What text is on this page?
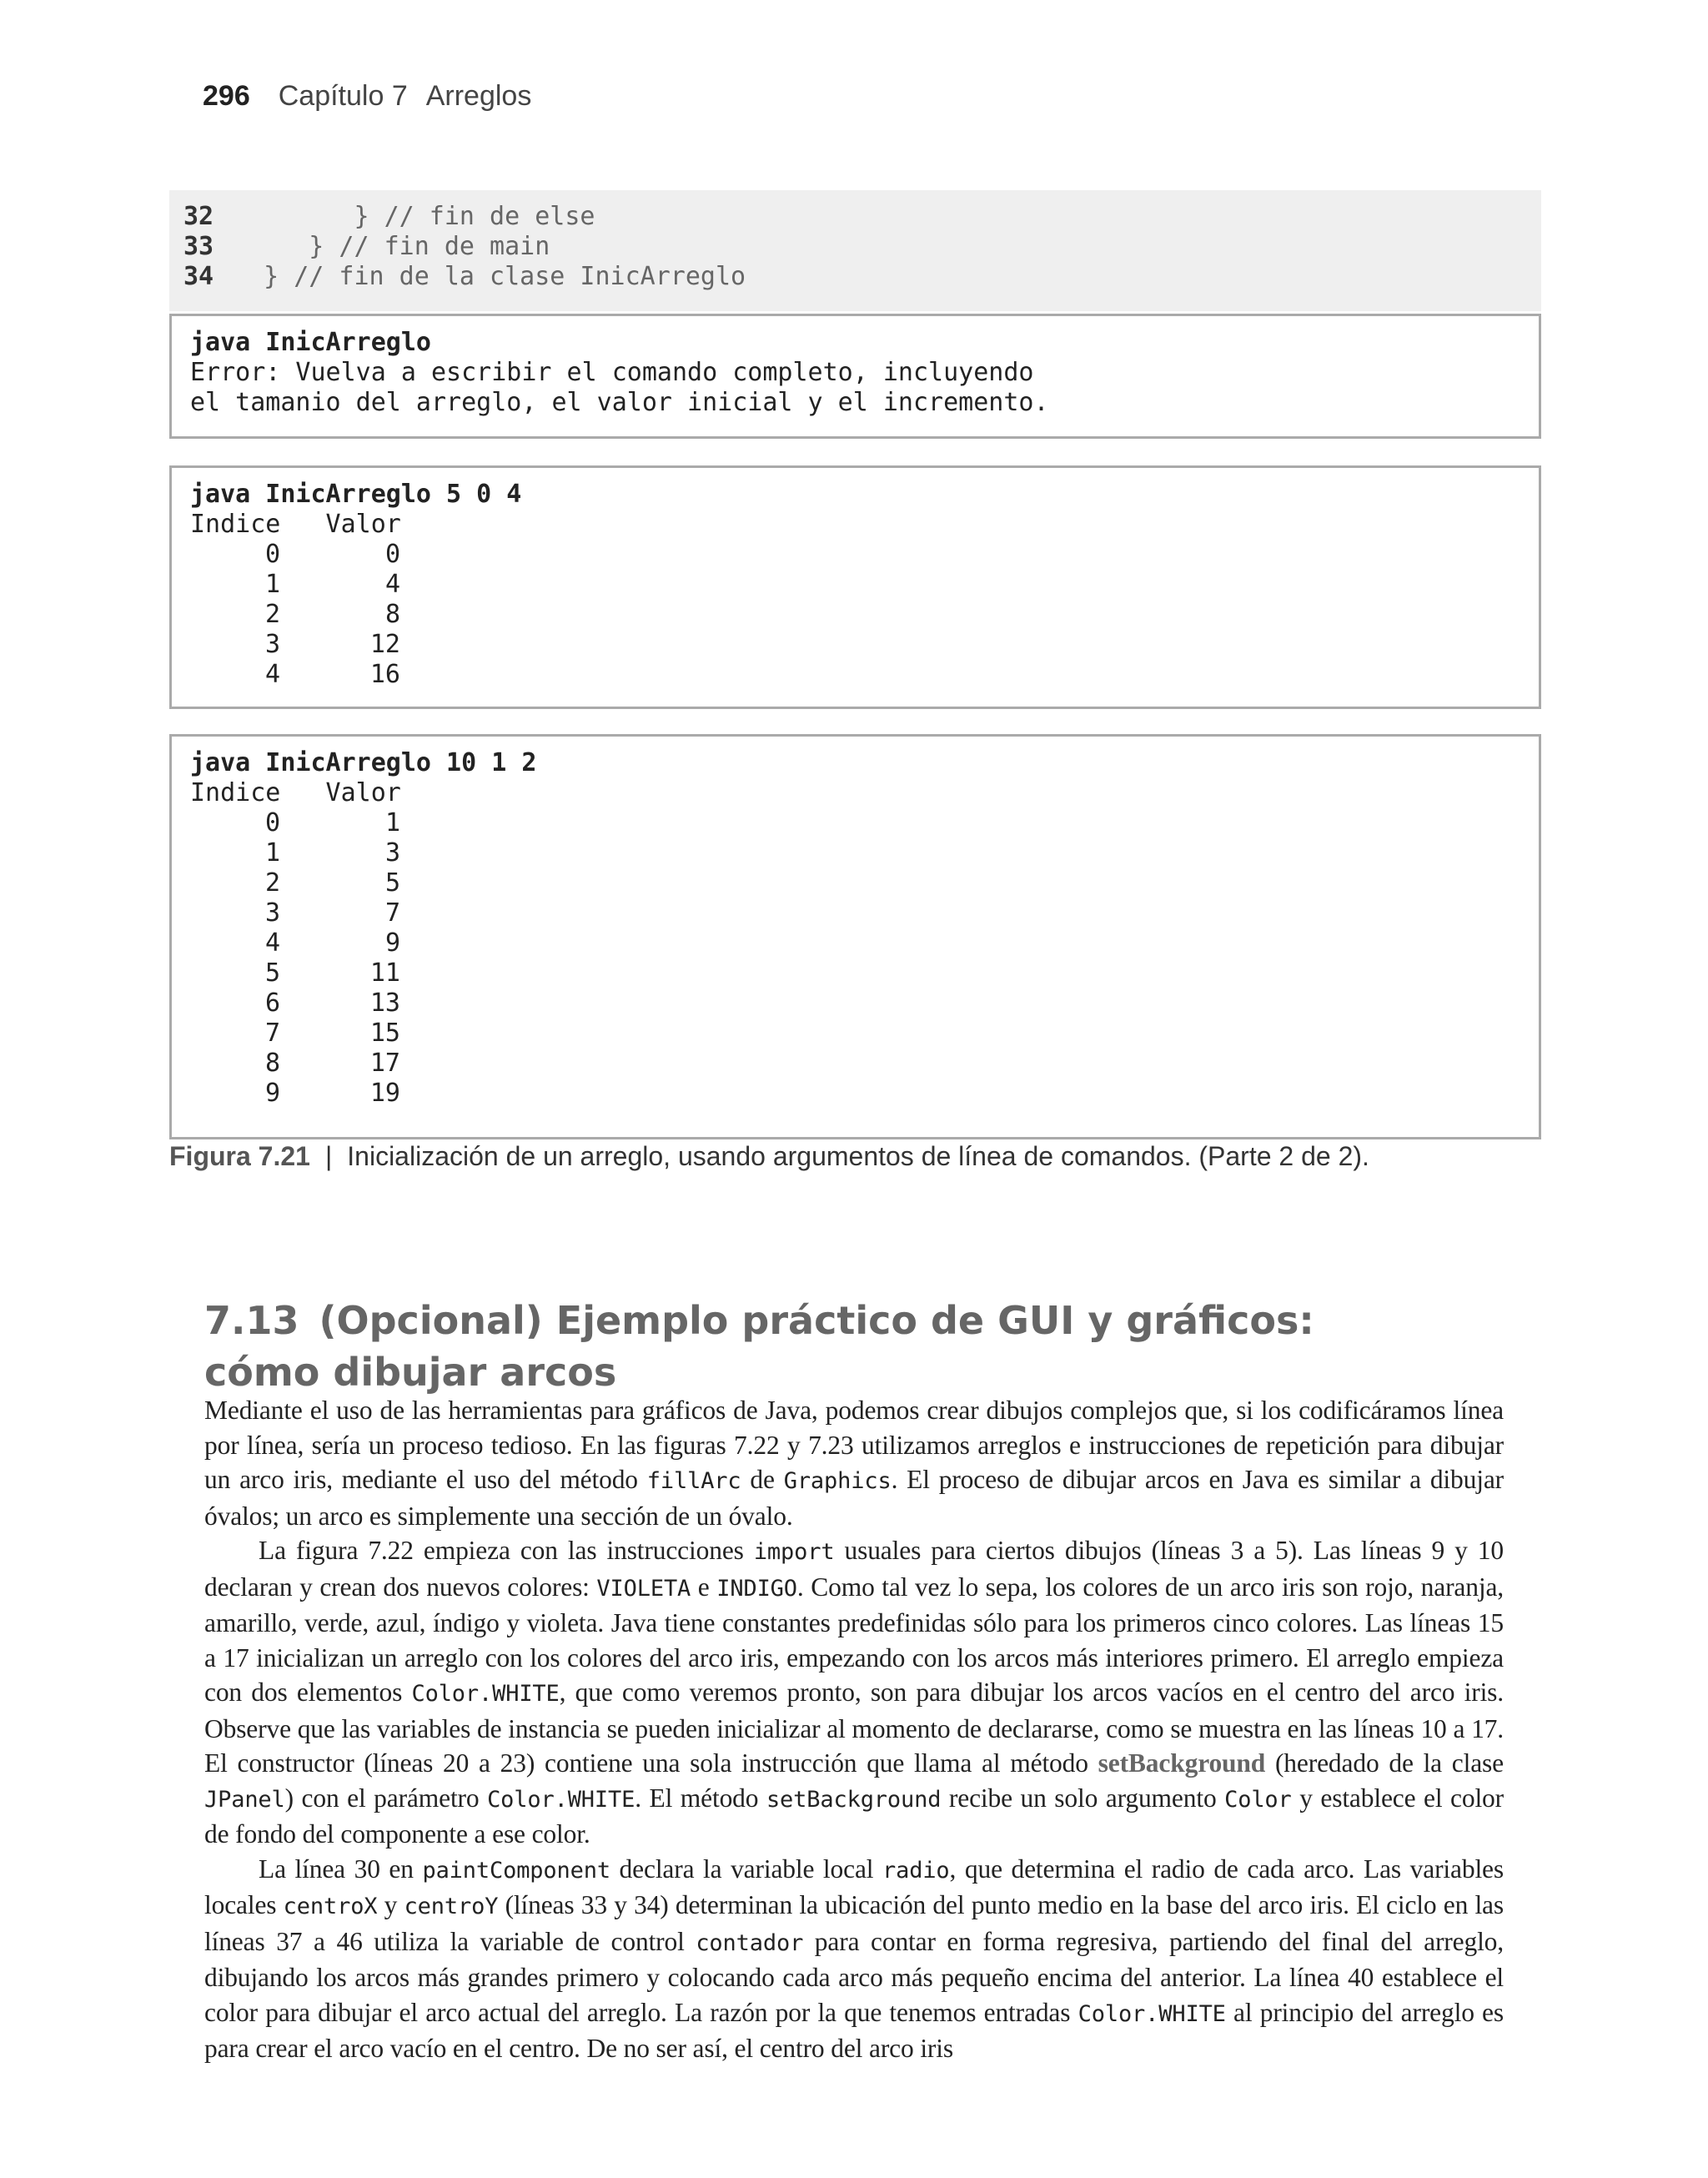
296 Capítulo 7 Arreglos
32        } // fin de else
33     } // fin de main
34  } // fin de la clase InicArreglo
java InicArreglo
Error: Vuelva a escribir el comando completo, incluyendo
el tamanio del arreglo, el valor inicial y el incremento.
java InicArreglo 5 0 4
Indice   Valor
0	0
1	4
2	8
3	12
4	16
java InicArreglo 10 1 2
Indice   Valor
0	1
1	3
2	5
3	7
4	9
5	11
6	13
7	15
8	17
9	19
Figura 7.21 | Inicialización de un arreglo, usando argumentos de línea de comandos. (Parte 2 de 2).
7.13 (Opcional) Ejemplo práctico de GUI y gráficos:
cómo dibujar arcos

Mediante el uso de las herramientas para gráficos de Java, podemos crear dibujos complejos que, si los codificáramos línea por línea, sería un proceso tedioso. En las figuras 7.22 y 7.23 utilizamos arreglos e instrucciones de repetición para dibujar un arco iris, mediante el uso del método fillArc de Graphics. El proceso de dibujar arcos en Java es similar a dibujar óvalos; un arco es simplemente una sección de un óvalo.

La figura 7.22 empieza con las instrucciones import usuales para ciertos dibujos (líneas 3 a 5). Las líneas 9 y 10 declaran y crean dos nuevos colores: VIOLETA e INDIGO. Como tal vez lo sepa, los colores de un arco iris son rojo, naranja, amarillo, verde, azul, índigo y violeta. Java tiene constantes predefinidas sólo para los primeros cinco colores. Las líneas 15 a 17 inicializan un arreglo con los colores del arco iris, empezando con los arcos más interiores primero. El arreglo empieza con dos elementos Color.WHITE, que como veremos pronto, son para dibujar los arcos vacíos en el centro del arco iris. Observe que las variables de instancia se pueden inicializar al momento de declararse, como se muestra en las líneas 10 a 17. El constructor (líneas 20 a 23) contiene una sola instrucción que llama al método setBackground (heredado de la clase JPanel) con el parámetro Color.WHITE. El método setBackground recibe un solo argumento Color y establece el color de fondo del componente a ese color.

La línea 30 en paintComponent declara la variable local radio, que determina el radio de cada arco. Las variables locales centroX y centroY (líneas 33 y 34) determinan la ubicación del punto medio en la base del arco iris. El ciclo en las líneas 37 a 46 utiliza la variable de control contador para contar en forma regresiva, partiendo del final del arreglo, dibujando los arcos más grandes primero y colocando cada arco más pequeño encima del anterior. La línea 40 establece el color para dibujar el arco actual del arreglo. La razón por la que tenemos entradas Color.WHITE al principio del arreglo es para crear el arco vacío en el centro. De no ser así, el centro del arco iris
